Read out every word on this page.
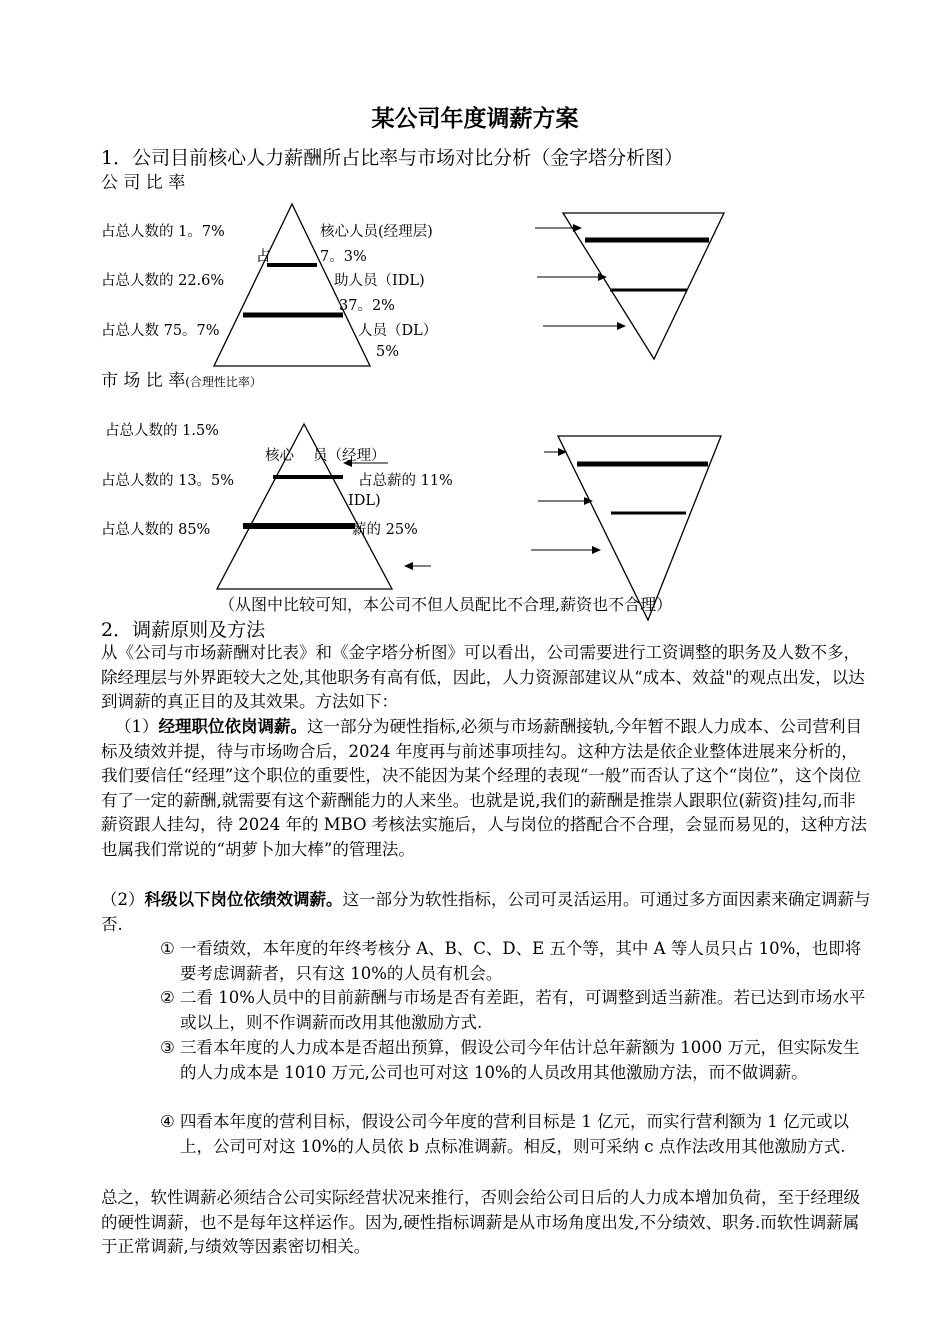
某公司年度调薪方案
1．公司目前核心人力薪酬所占比率与市场对比分析（金字塔分析图）
公 司 比 率
占总人数的 1。7%	核心人员(经理层)
占	7。3%
占总人数的 22.6%	助人员（IDL)
37。2%
占总人数 75。7%	人员（DL）
5%
市 场 比 率(合理性比率）
占总人数的 1.5%
核心 员（经理）
占总人数的 13。5%	占总薪的 11%
IDL)
占总人数的 85%	薪的 25%
（从图中比较可知，本公司不但人员配比不合理,薪资也不合理）
2．调薪原则及方法
从《公司与市场薪酬对比表》和《金字塔分析图》可以看出，公司需要进行工资调整的职务及人数不多，除经理层与外界距较大之处,其他职务有高有低，因此，人力资源部建议从“成本、效益"的观点出发，以达到调薪的真正目的及其效果。方法如下：
（1）经理职位依岗调薪。这一部分为硬性指标,必须与市场薪酬接轨,今年暂不跟人力成本、公司营利目标及绩效并提，待与市场吻合后，2024 年度再与前述事项挂勾。这种方法是依企业整体进展来分析的，我们要信任“经理”这个职位的重要性，决不能因为某个经理的表现“一般”而否认了这个“岗位”，这个岗位有了一定的薪酬,就需要有这个薪酬能力的人来坐。也就是说,我们的薪酬是推崇人跟职位(薪资)挂勾,而非薪资跟人挂勾，待 2024 年的 MBO 考核法实施后，人与岗位的搭配合不合理，会显而易见的，这种方法也属我们常说的“胡萝卜加大棒”的管理法。
（2）科级以下岗位依绩效调薪。这一部分为软性指标，公司可灵活运用。可通过多方面因素来确定调薪与否.
① 一看绩效，本年度的年终考核分 A、B、C、D、E 五个等，其中 A 等人员只占 10%，也即将要考虑调薪者，只有这 10%的人员有机会。
② 二看 10%人员中的目前薪酬与市场是否有差距，若有，可调整到适当薪准。若已达到市场水平或以上，则不作调薪而改用其他激励方式.
③ 三看本年度的人力成本是否超出预算，假设公司今年估计总年薪额为 1000 万元，但实际发生的人力成本是 1010 万元,公司也可对这 10%的人员改用其他激励方法，而不做调薪。
④ 四看本年度的营利目标，假设公司今年度的营利目标是 1 亿元，而实行营利额为 1 亿元或以上，公司可对这 10%的人员依 b 点标准调薪。相反，则可采纳 c 点作法改用其他激励方式.
总之，软性调薪必须结合公司实际经营状况来推行，否则会给公司日后的人力成本增加负荷，至于经理级的硬性调薪，也不是每年这样运作。因为,硬性指标调薪是从市场角度出发,不分绩效、职务.而软性调薪属于正常调薪,与绩效等因素密切相关。
